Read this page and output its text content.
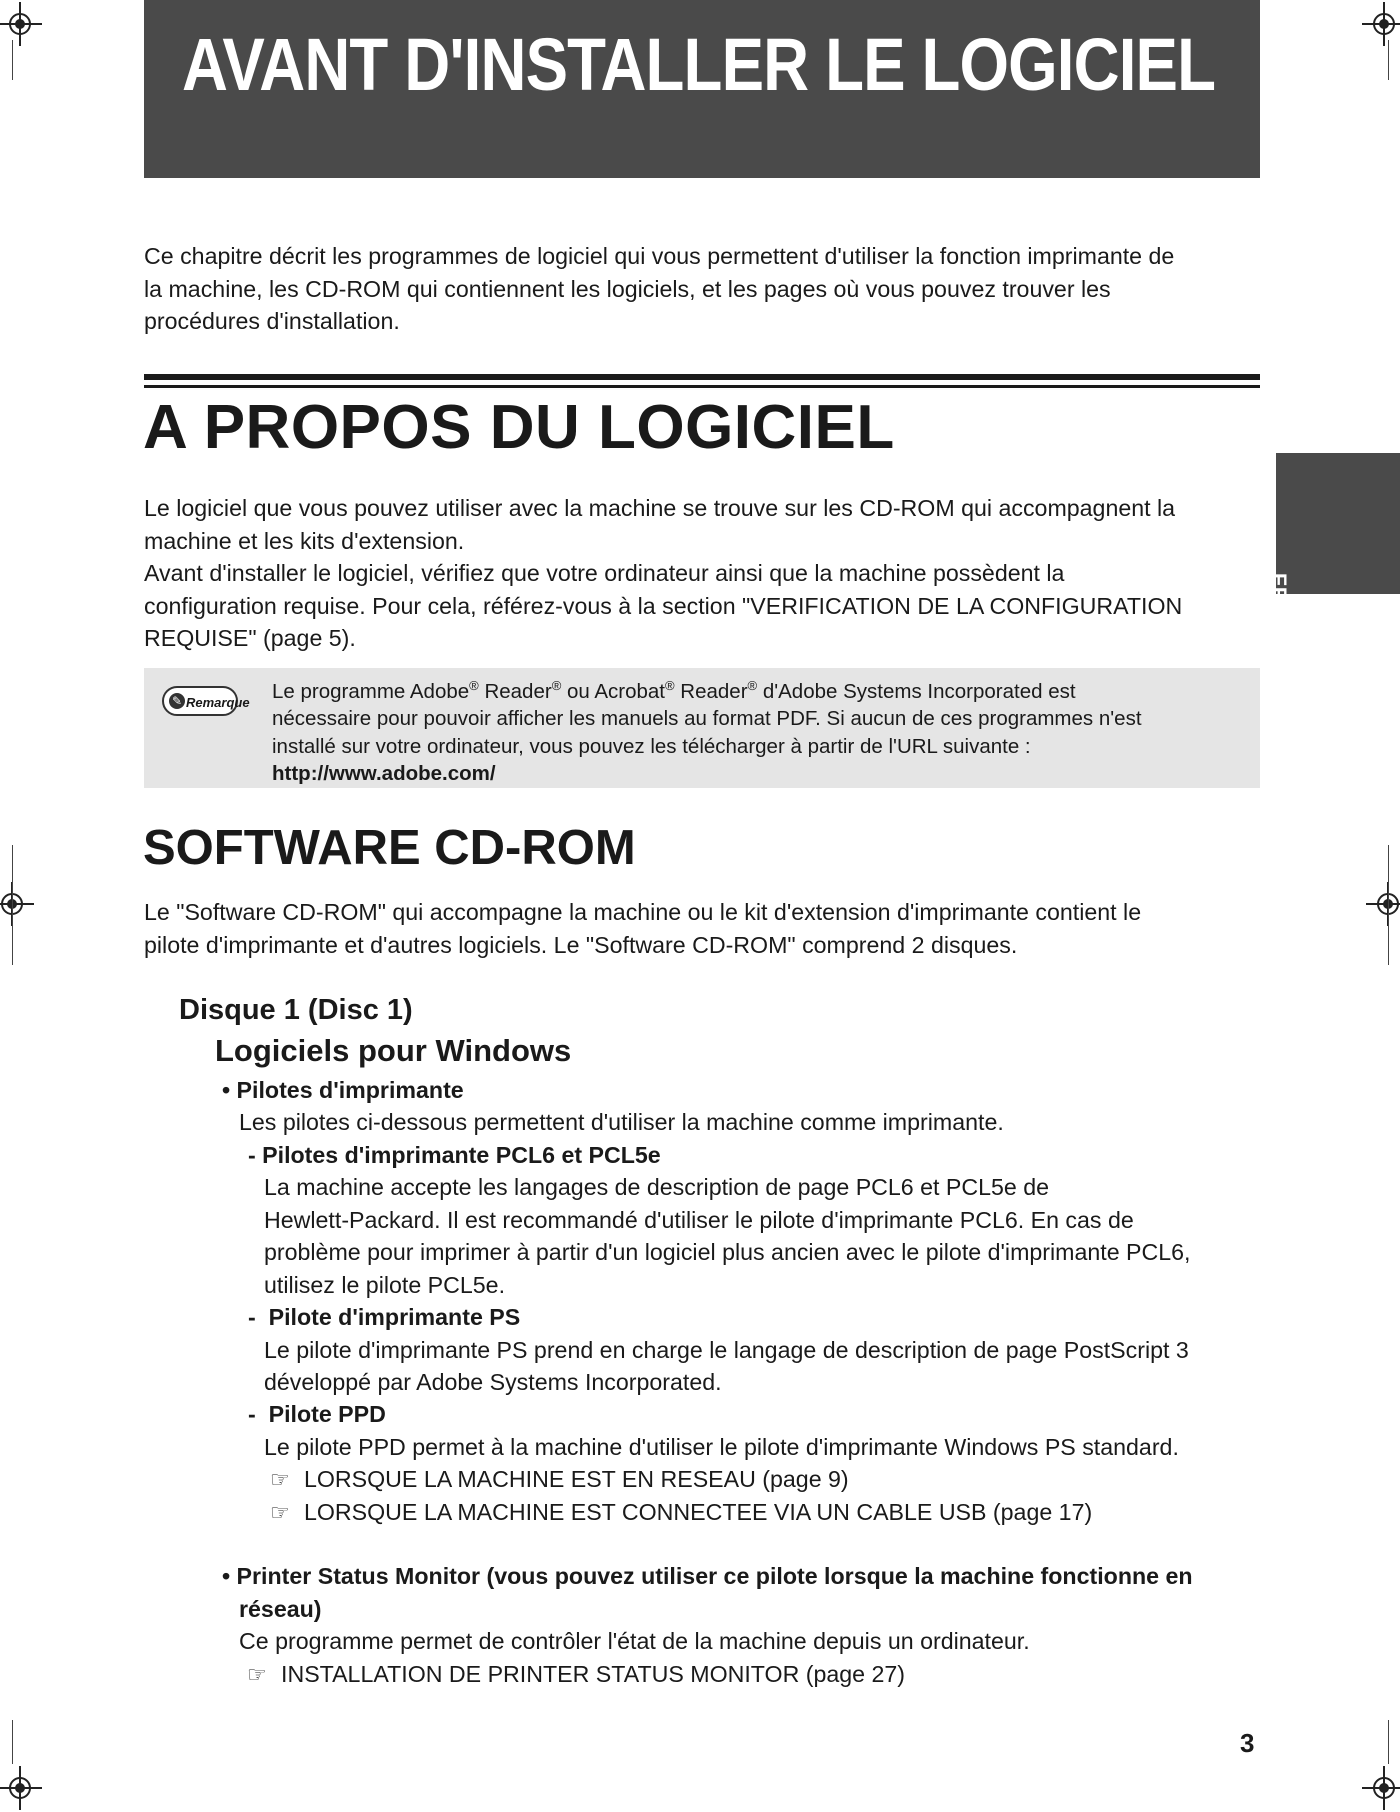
AVANT D'INSTALLER LE LOGICIEL

Ce chapitre décrit les programmes de logiciel qui vous permettent d'utiliser la fonction imprimante de
la machine, les CD-ROM qui contiennent les logiciels, et les pages où vous pouvez trouver les
procédures d'installation.

A PROPOS DU LOGICIEL

Le logiciel que vous pouvez utiliser avec la machine se trouve sur les CD-ROM qui accompagnent la
machine et les kits d'extension.
Avant d'installer le logiciel, vérifiez que votre ordinateur ainsi que la machine possèdent la
configuration requise. Pour cela, référez-vous à la section "VERIFICATION DE LA CONFIGURATION
REQUISE" (page 5).

✎ Remarque Le programme Adobe® Reader® ou Acrobat® Reader® d'Adobe Systems Incorporated est
nécessaire pour pouvoir afficher les manuels au format PDF. Si aucun de ces programmes n'est
installé sur votre ordinateur, vous pouvez les télécharger à partir de l'URL suivante :
http://www.adobe.com/

SOFTWARE CD-ROM

Le "Software CD-ROM" qui accompagne la machine ou le kit d'extension d'imprimante contient le
pilote d'imprimante et d'autres logiciels. Le "Software CD-ROM" comprend 2 disques.

Disque 1 (Disc 1)
Logiciels pour Windows

• Pilotes d'imprimante

Les pilotes ci-dessous permettent d'utiliser la machine comme imprimante.

- Pilotes d'imprimante PCL6 et PCL5e

La machine accepte les langages de description de page PCL6 et PCL5e de

Hewlett-Packard. Il est recommandé d'utiliser le pilote d'imprimante PCL6. En cas de

problème pour imprimer à partir d'un logiciel plus ancien avec le pilote d'imprimante PCL6,

utilisez le pilote PCL5e.

-  Pilote d'imprimante PS

Le pilote d'imprimante PS prend en charge le langage de description de page PostScript 3

développé par Adobe Systems Incorporated.

-  Pilote PPD

Le pilote PPD permet à la machine d'utiliser le pilote d'imprimante Windows PS standard.

☞ LORSQUE LA MACHINE EST EN RESEAU (page 9)

☞ LORSQUE LA MACHINE EST CONNECTEE VIA UN CABLE USB (page 17)

• Printer Status Monitor (vous pouvez utiliser ce pilote lorsque la machine fonctionne en

réseau)

Ce programme permet de contrôler l'état de la machine depuis un ordinateur.

☞ INSTALLATION DE PRINTER STATUS MONITOR (page 27)

FRANÇAIS

3
